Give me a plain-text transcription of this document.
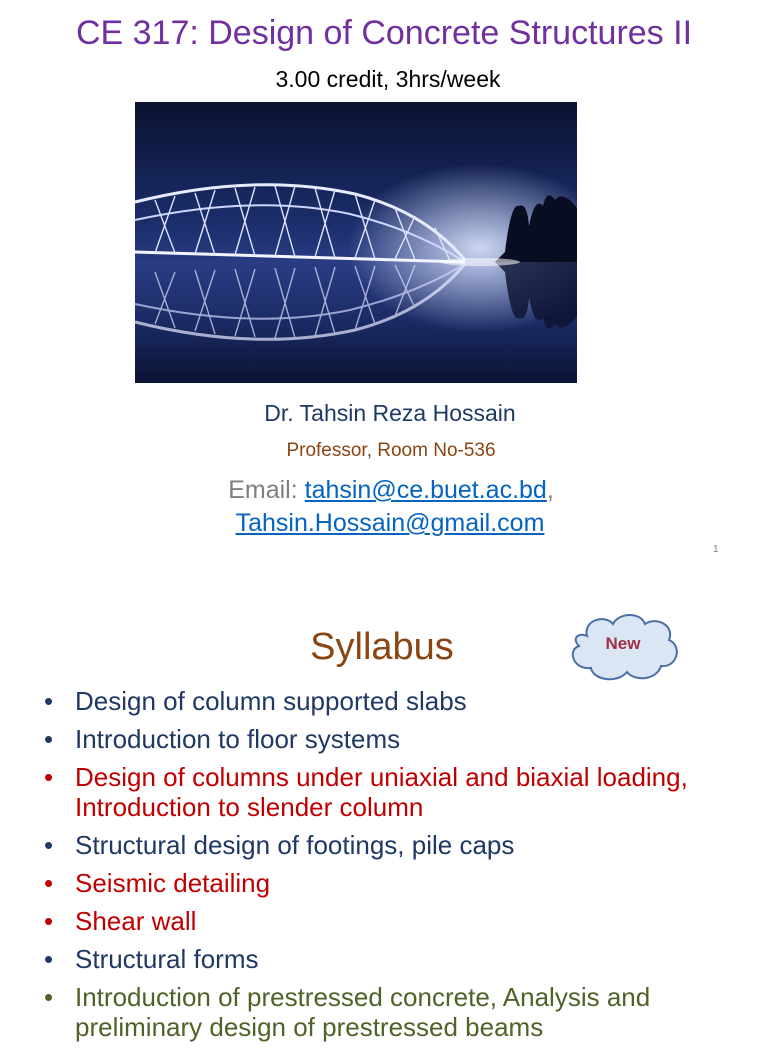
CE 317: Design of Concrete Structures II
3.00 credit, 3hrs/week
Dr. Tahsin Reza Hossain
Professor, Room No-536
Email: tahsin@ce.buet.ac.bd,
Tahsin.Hossain@gmail.com
1
Syllabus	New
• Design of column supported slabs
• Introduction to floor systems
• Design of columns under uniaxial and biaxial loading, Introduction to slender column
• Structural design of footings, pile caps
• Seismic detailing
• Shear wall
• Structural forms
• Introduction of prestressed concrete, Analysis and preliminary design of prestressed beams
